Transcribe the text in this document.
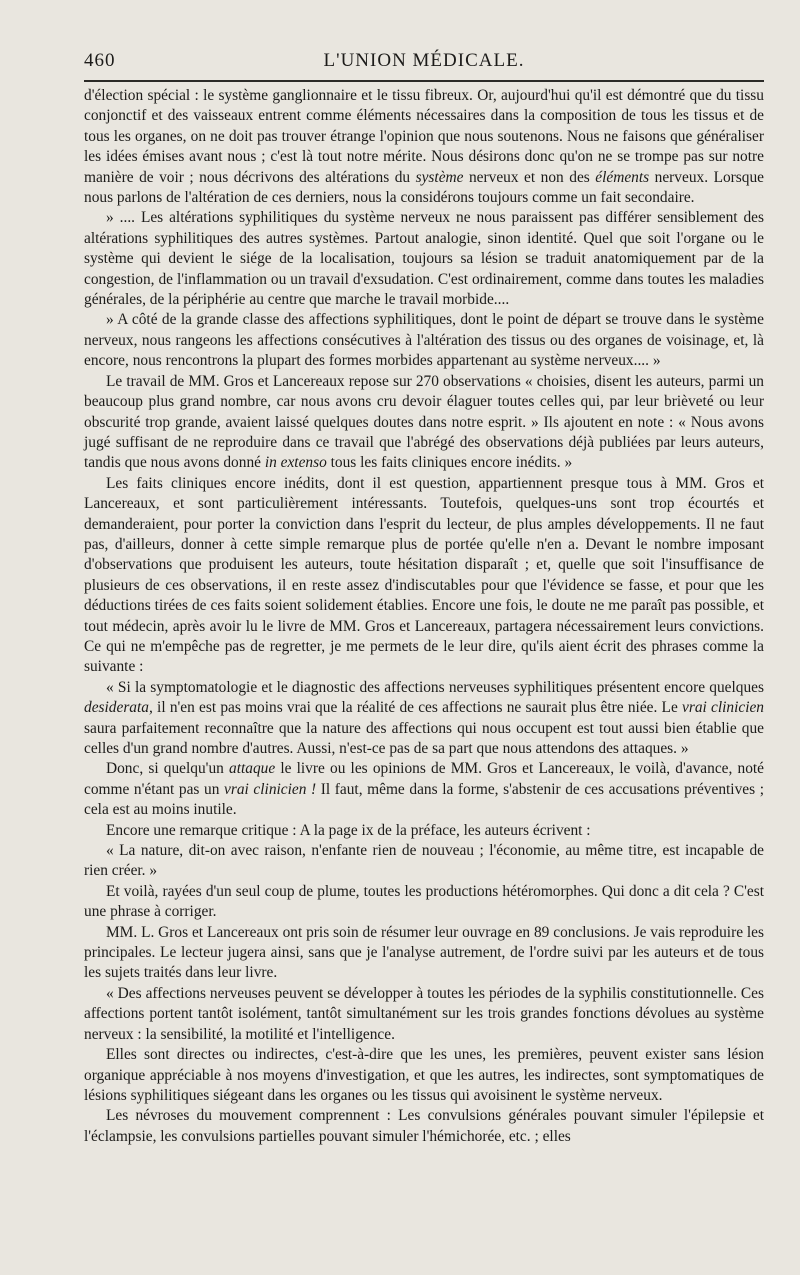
460	L'UNION MÉDICALE.

d'élection spécial : le système ganglionnaire et le tissu fibreux. Or, aujourd'hui qu'il est démontré que du tissu conjonctif et des vaisseaux entrent comme éléments nécessaires dans la composition de tous les tissus et de tous les organes, on ne doit pas trouver étrange l'opinion que nous soutenons. Nous ne faisons que généraliser les idées émises avant nous ; c'est là tout notre mérite. Nous désirons donc qu'on ne se trompe pas sur notre manière de voir ; nous décrivons des altérations du système nerveux et non des éléments nerveux. Lorsque nous parlons de l'altération de ces derniers, nous la considérons toujours comme un fait secondaire.

» .... Les altérations syphilitiques du système nerveux ne nous paraissent pas différer sensiblement des altérations syphilitiques des autres systèmes. Partout analogie, sinon identité. Quel que soit l'organe ou le système qui devient le siége de la localisation, toujours sa lésion se traduit anatomiquement par de la congestion, de l'inflammation ou un travail d'exsudation. C'est ordinairement, comme dans toutes les maladies générales, de la périphérie au centre que marche le travail morbide....

» A côté de la grande classe des affections syphilitiques, dont le point de départ se trouve dans le système nerveux, nous rangeons les affections consécutives à l'altération des tissus ou des organes de voisinage, et, là encore, nous rencontrons la plupart des formes morbides appartenant au système nerveux.... »

Le travail de MM. Gros et Lancereaux repose sur 270 observations « choisies, disent les auteurs, parmi un beaucoup plus grand nombre, car nous avons cru devoir élaguer toutes celles qui, par leur brièveté ou leur obscurité trop grande, avaient laissé quelques doutes dans notre esprit. » Ils ajoutent en note : « Nous avons jugé suffisant de ne reproduire dans ce travail que l'abrégé des observations déjà publiées par leurs auteurs, tandis que nous avons donné in extenso tous les faits cliniques encore inédits. »

Les faits cliniques encore inédits, dont il est question, appartiennent presque tous à MM. Gros et Lancereaux, et sont particulièrement intéressants. Toutefois, quelques-uns sont trop écourtés et demanderaient, pour porter la conviction dans l'esprit du lecteur, de plus amples développements. Il ne faut pas, d'ailleurs, donner à cette simple remarque plus de portée qu'elle n'en a. Devant le nombre imposant d'observations que produisent les auteurs, toute hésitation disparaît ; et, quelle que soit l'insuffisance de plusieurs de ces observations, il en reste assez d'indiscutables pour que l'évidence se fasse, et pour que les déductions tirées de ces faits soient solidement établies. Encore une fois, le doute ne me paraît pas possible, et tout médecin, après avoir lu le livre de MM. Gros et Lancereaux, partagera nécessairement leurs convictions. Ce qui ne m'empêche pas de regretter, je me permets de le leur dire, qu'ils aient écrit des phrases comme la suivante :

« Si la symptomatologie et le diagnostic des affections nerveuses syphilitiques présentent encore quelques desiderata, il n'en est pas moins vrai que la réalité de ces affections ne saurait plus être niée. Le vrai clinicien saura parfaitement reconnaître que la nature des affections qui nous occupent est tout aussi bien établie que celles d'un grand nombre d'autres. Aussi, n'est-ce pas de sa part que nous attendons des attaques. »

Donc, si quelqu'un attaque le livre ou les opinions de MM. Gros et Lancereaux, le voilà, d'avance, noté comme n'étant pas un vrai clinicien ! Il faut, même dans la forme, s'abstenir de ces accusations préventives ; cela est au moins inutile.

Encore une remarque critique : A la page ix de la préface, les auteurs écrivent :

« La nature, dit-on avec raison, n'enfante rien de nouveau ; l'économie, au même titre, est incapable de rien créer. »

Et voilà, rayées d'un seul coup de plume, toutes les productions hétéromorphes. Qui donc a dit cela ? C'est une phrase à corriger.

MM. L. Gros et Lancereaux ont pris soin de résumer leur ouvrage en 89 conclusions. Je vais reproduire les principales. Le lecteur jugera ainsi, sans que je l'analyse autrement, de l'ordre suivi par les auteurs et de tous les sujets traités dans leur livre.

« Des affections nerveuses peuvent se développer à toutes les périodes de la syphilis constitutionnelle. Ces affections portent tantôt isolément, tantôt simultanément sur les trois grandes fonctions dévolues au système nerveux : la sensibilité, la motilité et l'intelligence.

Elles sont directes ou indirectes, c'est-à-dire que les unes, les premières, peuvent exister sans lésion organique appréciable à nos moyens d'investigation, et que les autres, les indirectes, sont symptomatiques de lésions syphilitiques siégeant dans les organes ou les tissus qui avoisinent le système nerveux.

Les névroses du mouvement comprennent : Les convulsions générales pouvant simuler l'épilepsie et l'éclampsie, les convulsions partielles pouvant simuler l'hémichorée, etc. ; elles
